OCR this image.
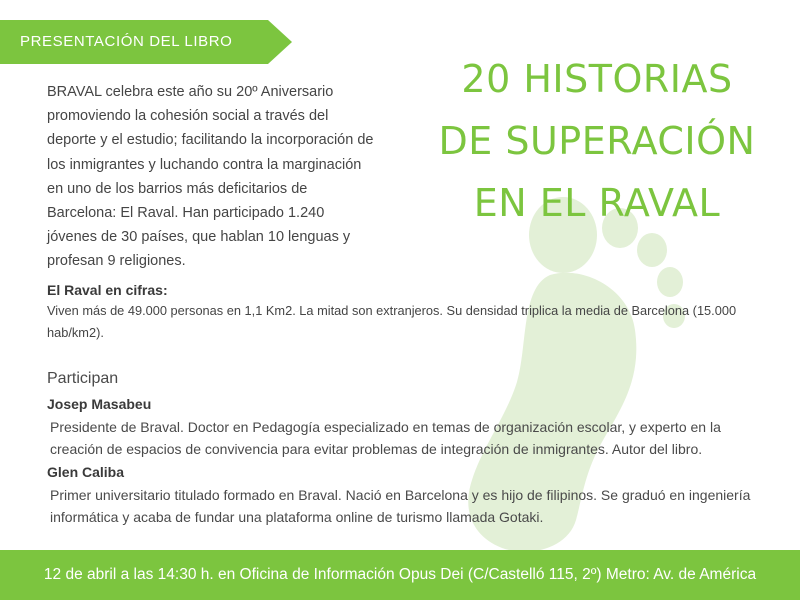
PRESENTACIÓN DEL LIBRO
20 HISTORIAS
DE SUPERACIÓN
EN EL RAVAL
BRAVAL celebra este año su 20º Aniversario promoviendo la cohesión social a través del deporte y el estudio; facilitando la incorporación de los inmigrantes y luchando contra la marginación en uno de los barrios más deficitarios de Barcelona: El Raval. Han participado 1.240 jóvenes de 30 países, que hablan 10 lenguas y profesan 9 religiones.
El Raval en cifras:
Viven más de 49.000 personas en 1,1 Km2. La mitad son extranjeros. Su densidad triplica la media de Barcelona (15.000 hab/km2).
Participan
Josep Masabeu
Presidente de Braval. Doctor en Pedagogía especializado en temas de organización escolar, y experto en la creación de espacios de convivencia para evitar problemas de integración de inmigrantes. Autor del libro.
Glen Caliba
Primer universitario titulado formado en Braval. Nació en Barcelona y es hijo de filipinos. Se graduó en ingeniería informática y acaba de fundar una plataforma online de turismo llamada Gotaki.
12 de abril a las 14:30 h. en Oficina de Información Opus Dei (C/Castelló 115, 2º) Metro: Av. de América
